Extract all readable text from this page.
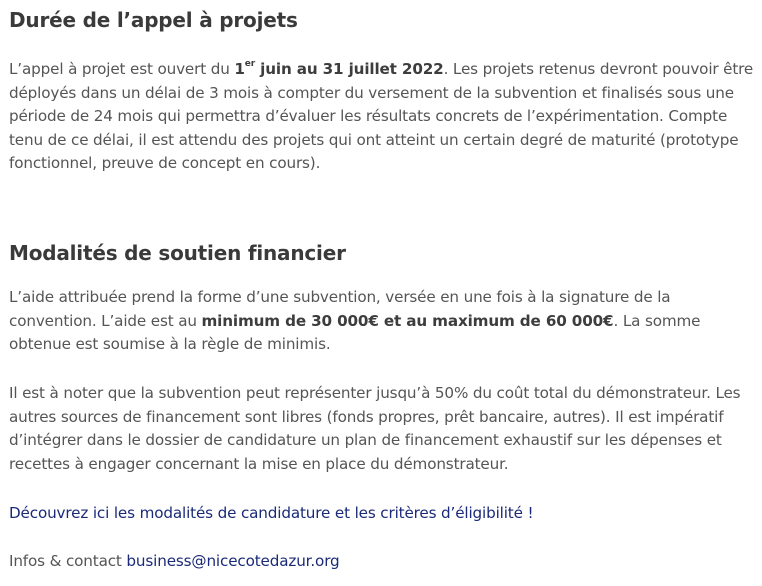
Durée de l’appel à projets

L’appel à projet est ouvert du 1er juin au 31 juillet 2022. Les projets retenus devront pouvoir être déployés dans un délai de 3 mois à compter du versement de la subvention et finalisés sous une période de 24 mois qui permettra d’évaluer les résultats concrets de l’expérimentation. Compte tenu de ce délai, il est attendu des projets qui ont atteint un certain degré de maturité (prototype fonctionnel, preuve de concept en cours).

Modalités de soutien financier

L’aide attribuée prend la forme d’une subvention, versée en une fois à la signature de la convention. L’aide est au minimum de 30 000€ et au maximum de 60 000€. La somme obtenue est soumise à la règle de minimis.

Il est à noter que la subvention peut représenter jusqu’à 50% du coût total du démonstrateur. Les autres sources de financement sont libres (fonds propres, prêt bancaire, autres). Il est impératif d’intégrer dans le dossier de candidature un plan de financement exhaustif sur les dépenses et recettes à engager concernant la mise en place du démonstrateur.

Découvrez ici les modalités de candidature et les critères d’éligibilité !

Infos & contact business@nicecotedazur.org
